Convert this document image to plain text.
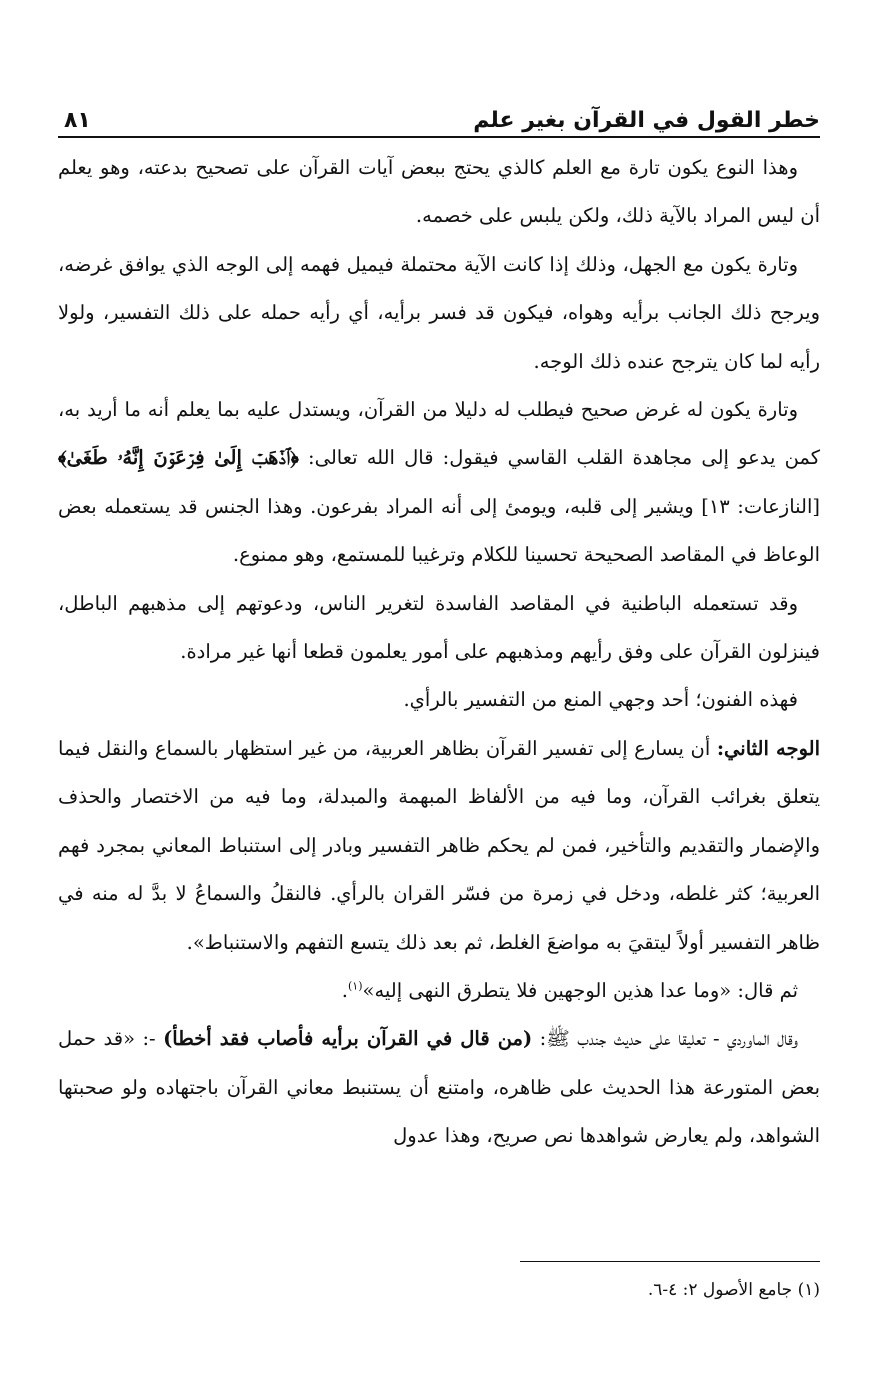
خطر القول في القرآن بغير علم
٨١

وهذا النوع يكون تارة مع العلم كالذي يحتج ببعض آيات القرآن على تصحيح بدعته، وهو يعلم أن ليس المراد بالآية ذلك، ولكن يلبس على خصمه.

وتارة يكون مع الجهل، وذلك إذا كانت الآية محتملة فيميل فهمه إلى الوجه الذي يوافق غرضه، ويرجح ذلك الجانب برأيه وهواه، فيكون قد فسر برأيه، أي رأيه حمله على ذلك التفسير، ولولا رأيه لما كان يترجح عنده ذلك الوجه.

وتارة يكون له غرض صحيح فيطلب له دليلا من القرآن، ويستدل عليه بما يعلم أنه ما أريد به، كمن يدعو إلى مجاهدة القلب القاسي فيقول: قال الله تعالى: ﴿ٱذۡهَبۡ إِلَىٰ فِرۡعَوۡنَ إِنَّهُۥ طَغَىٰ﴾ [النازعات: ١٣] ويشير إلى قلبه، ويومئ إلى أنه المراد بفرعون. وهذا الجنس قد يستعمله بعض الوعاظ في المقاصد الصحيحة تحسينا للكلام وترغيبا للمستمع، وهو ممنوع.

وقد تستعمله الباطنية في المقاصد الفاسدة لتغرير الناس، ودعوتهم إلى مذهبهم الباطل، فينزلون القرآن على وفق رأيهم ومذهبهم على أمور يعلمون قطعا أنها غير مرادة.

فهذه الفنون؛ أحد وجهي المنع من التفسير بالرأي.

الوجه الثاني: أن يسارع إلى تفسير القرآن بظاهر العربية، من غير استظهار بالسماع والنقل فيما يتعلق بغرائب القرآن، وما فيه من الألفاظ المبهمة والمبدلة، وما فيه من الاختصار والحذف والإضمار والتقديم والتأخير، فمن لم يحكم ظاهر التفسير وبادر إلى استنباط المعاني بمجرد فهم العربية؛ كثر غلطه، ودخل في زمرة من فسّر القران بالرأي. فالنقلُ والسماعُ لا بدَّ له منه في ظاهر التفسير أولاً ليتقيَ به مواضعَ الغلط، ثم بعد ذلك يتسع التفهم والاستنباط».

ثم قال: «وما عدا هذين الوجهين فلا يتطرق النهى إليه»$^{(١)}$.

وقال الماوردي - تعليقا على حديث جندب ﷺ: (من قال في القرآن برأيه فأصاب فقد أخطأ) -: «قد حمل بعض المتورعة هذا الحديث على ظاهره، وامتنع أن يستنبط معاني القرآن باجتهاده ولو صحبتها الشواهد، ولم يعارض شواهدها نص صريح، وهذا عدول

(١) جامع الأصول ٢: ٤-٦.
